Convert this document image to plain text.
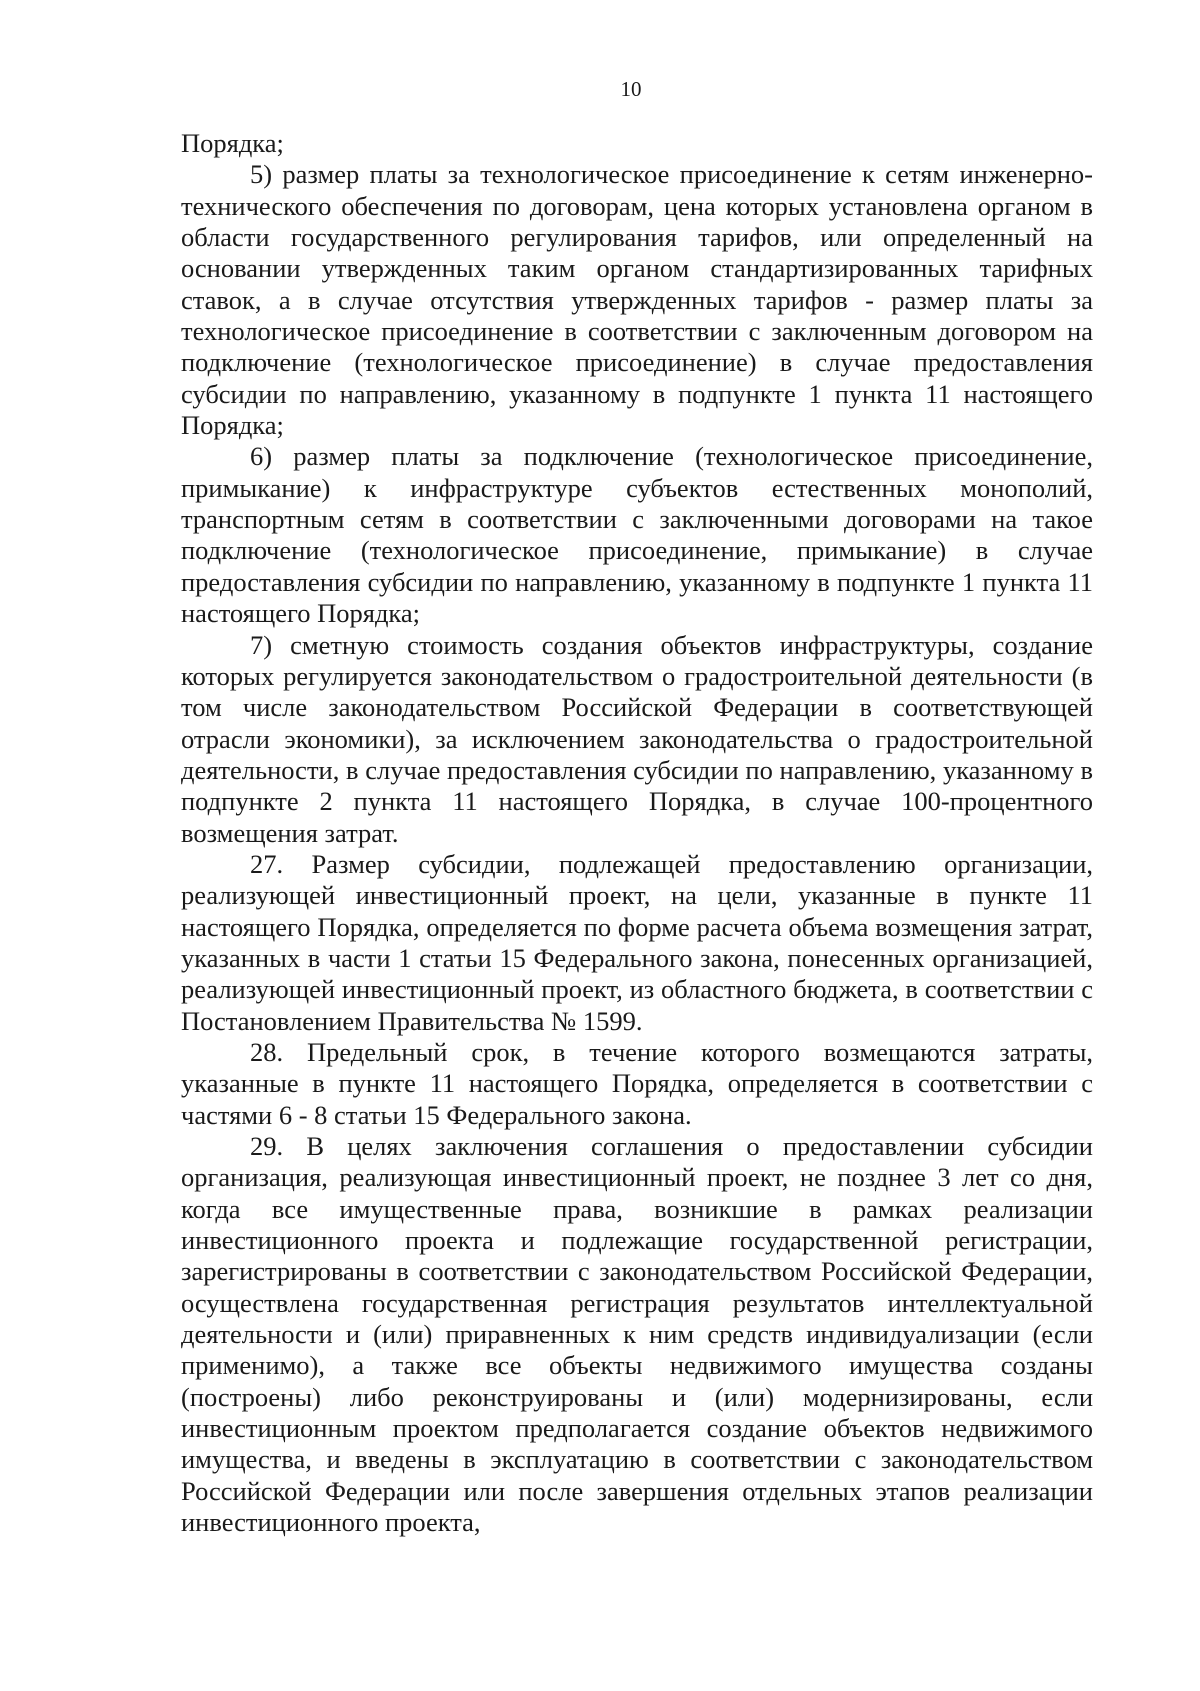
10

Порядка;

5) размер платы за технологическое присоединение к сетям инженерно-технического обеспечения по договорам, цена которых установлена органом в области государственного регулирования тарифов, или определенный на основании утвержденных таким органом стандартизированных тарифных ставок, а в случае отсутствия утвержденных тарифов - размер платы за технологическое присоединение в соответствии с заключенным договором на подключение (технологическое присоединение) в случае предоставления субсидии по направлению, указанному в подпункте 1 пункта 11 настоящего Порядка;

6) размер платы за подключение (технологическое присоединение, примыкание) к инфраструктуре субъектов естественных монополий, транспортным сетям в соответствии с заключенными договорами на такое подключение (технологическое присоединение, примыкание) в случае предоставления субсидии по направлению, указанному в подпункте 1 пункта 11 настоящего Порядка;

7) сметную стоимость создания объектов инфраструктуры, создание которых регулируется законодательством о градостроительной деятельности (в том числе законодательством Российской Федерации в соответствующей отрасли экономики), за исключением законодательства о градостроительной деятельности, в случае предоставления субсидии по направлению, указанному в подпункте 2 пункта 11 настоящего Порядка, в случае 100-процентного возмещения затрат.

27. Размер субсидии, подлежащей предоставлению организации, реализующей инвестиционный проект, на цели, указанные в пункте 11 настоящего Порядка, определяется по форме расчета объема возмещения затрат, указанных в части 1 статьи 15 Федерального закона, понесенных организацией, реализующей инвестиционный проект, из областного бюджета, в соответствии с Постановлением Правительства № 1599.

28. Предельный срок, в течение которого возмещаются затраты, указанные в пункте 11 настоящего Порядка, определяется в соответствии с частями 6 - 8 статьи 15 Федерального закона.

29. В целях заключения соглашения о предоставлении субсидии организация, реализующая инвестиционный проект, не позднее 3 лет со дня, когда все имущественные права, возникшие в рамках реализации инвестиционного проекта и подлежащие государственной регистрации, зарегистрированы в соответствии с законодательством Российской Федерации, осуществлена государственная регистрация результатов интеллектуальной деятельности и (или) приравненных к ним средств индивидуализации (если применимо), а также все объекты недвижимого имущества созданы (построены) либо реконструированы и (или) модернизированы, если инвестиционным проектом предполагается создание объектов недвижимого имущества, и введены в эксплуатацию в соответствии с законодательством Российской Федерации или после завершения отдельных этапов реализации инвестиционного проекта,
